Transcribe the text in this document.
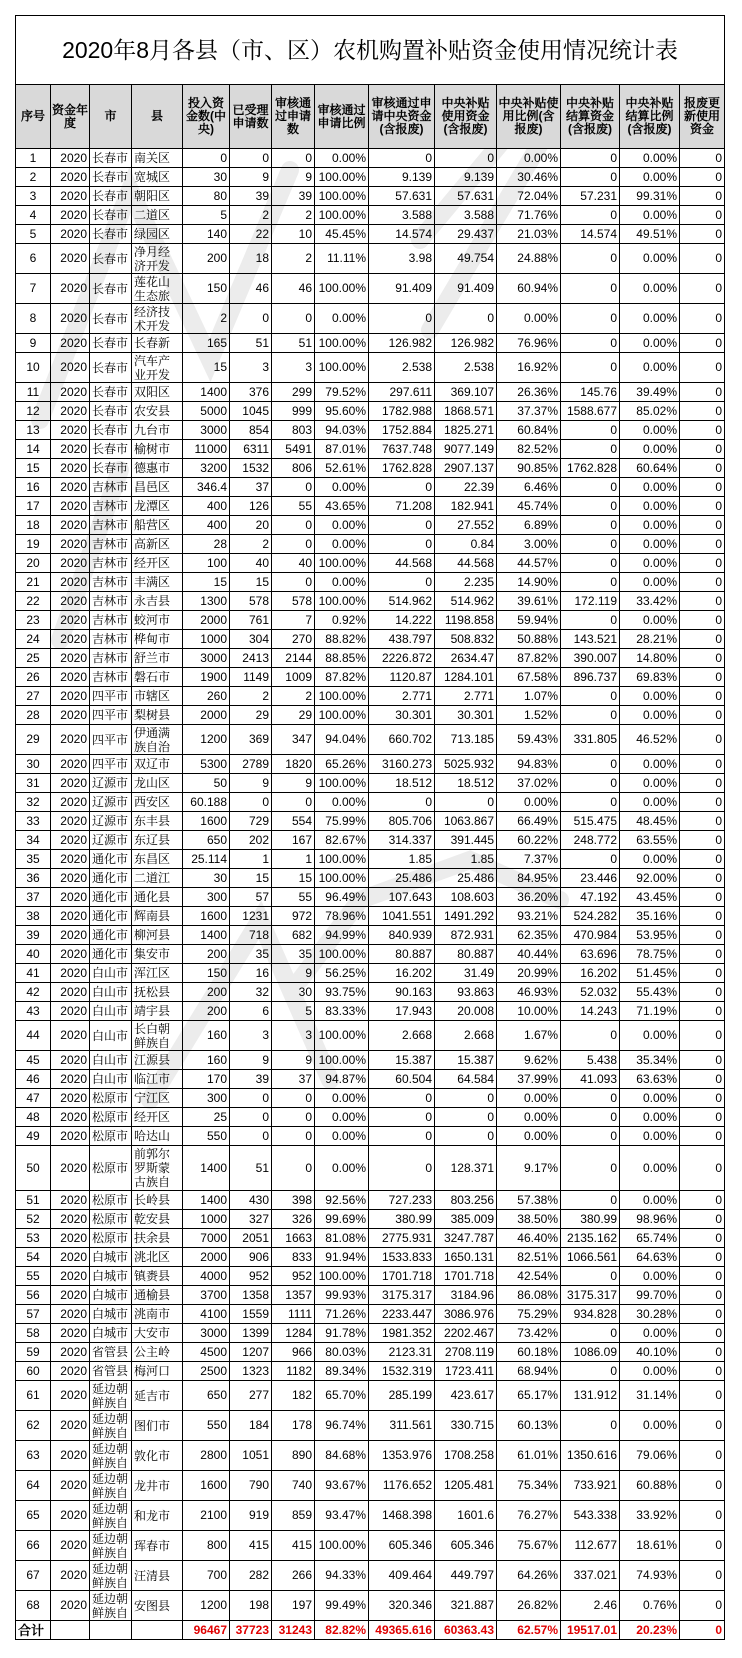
2020年8月各县（市、区）农机购置补贴资金使用情况统计表													
序号	资金年度	市	县	投入资金数(中央)	已受理申请数	审核通过申请数	审核通过申请比例	审核通过申请中央资金(含报废)	中央补贴使用资金(含报废)	中央补贴使用比例(含报废)	中央补贴结算资金(含报废)	中央补贴结算比例(含报废)	报废更新使用资金
1	2020	长春市	南关区	0	0	0	0.00%	0	0	0.00%	0	0.00%	0
2	2020	长春市	宽城区	30	9	9	100.00%	9.139	9.139	30.46%	0	0.00%	0
3	2020	长春市	朝阳区	80	39	39	100.00%	57.631	57.631	72.04%	57.231	99.31%	0
4	2020	长春市	二道区	5	2	2	100.00%	3.588	3.588	71.76%	0	0.00%	0
5	2020	长春市	绿园区	140	22	10	45.45%	14.574	29.437	21.03%	14.574	49.51%	0
6	2020	长春市	净月经济开发	200	18	2	11.11%	3.98	49.754	24.88%	0	0.00%	0
7	2020	长春市	莲花山生态旅	150	46	46	100.00%	91.409	91.409	60.94%	0	0.00%	0
8	2020	长春市	经济技术开发	2	0	0	0.00%	0	0	0.00%	0	0.00%	0
9	2020	长春市	长春新	165	51	51	100.00%	126.982	126.982	76.96%	0	0.00%	0
10	2020	长春市	汽车产业开发	15	3	3	100.00%	2.538	2.538	16.92%	0	0.00%	0
11	2020	长春市	双阳区	1400	376	299	79.52%	297.611	369.107	26.36%	145.76	39.49%	0
12	2020	长春市	农安县	5000	1045	999	95.60%	1782.988	1868.571	37.37%	1588.677	85.02%	0
13	2020	长春市	九台市	3000	854	803	94.03%	1752.884	1825.271	60.84%	0	0.00%	0
14	2020	长春市	榆树市	11000	6311	5491	87.01%	7637.748	9077.149	82.52%	0	0.00%	0
15	2020	长春市	德惠市	3200	1532	806	52.61%	1762.828	2907.137	90.85%	1762.828	60.64%	0
16	2020	吉林市	昌邑区	346.4	37	0	0.00%	0	22.39	6.46%	0	0.00%	0
17	2020	吉林市	龙潭区	400	126	55	43.65%	71.208	182.941	45.74%	0	0.00%	0
18	2020	吉林市	船营区	400	20	0	0.00%	0	27.552	6.89%	0	0.00%	0
19	2020	吉林市	高新区	28	2	0	0.00%	0	0.84	3.00%	0	0.00%	0
20	2020	吉林市	经开区	100	40	40	100.00%	44.568	44.568	44.57%	0	0.00%	0
21	2020	吉林市	丰满区	15	15	0	0.00%	0	2.235	14.90%	0	0.00%	0
22	2020	吉林市	永吉县	1300	578	578	100.00%	514.962	514.962	39.61%	172.119	33.42%	0
23	2020	吉林市	蛟河市	2000	761	7	0.92%	14.222	1198.858	59.94%	0	0.00%	0
24	2020	吉林市	桦甸市	1000	304	270	88.82%	438.797	508.832	50.88%	143.521	28.21%	0
25	2020	吉林市	舒兰市	3000	2413	2144	88.85%	2226.872	2634.47	87.82%	390.007	14.80%	0
26	2020	吉林市	磐石市	1900	1149	1009	87.82%	1120.87	1284.101	67.58%	896.737	69.83%	0
27	2020	四平市	市辖区	260	2	2	100.00%	2.771	2.771	1.07%	0	0.00%	0
28	2020	四平市	梨树县	2000	29	29	100.00%	30.301	30.301	1.52%	0	0.00%	0
29	2020	四平市	伊通满族自治	1200	369	347	94.04%	660.702	713.185	59.43%	331.805	46.52%	0
30	2020	四平市	双辽市	5300	2789	1820	65.26%	3160.273	5025.932	94.83%	0	0.00%	0
31	2020	辽源市	龙山区	50	9	9	100.00%	18.512	18.512	37.02%	0	0.00%	0
32	2020	辽源市	西安区	60.188	0	0	0.00%	0	0	0.00%	0	0.00%	0
33	2020	辽源市	东丰县	1600	729	554	75.99%	805.706	1063.867	66.49%	515.475	48.45%	0
34	2020	辽源市	东辽县	650	202	167	82.67%	314.337	391.445	60.22%	248.772	63.55%	0
35	2020	通化市	东昌区	25.114	1	1	100.00%	1.85	1.85	7.37%	0	0.00%	0
36	2020	通化市	二道江	30	15	15	100.00%	25.486	25.486	84.95%	23.446	92.00%	0
37	2020	通化市	通化县	300	57	55	96.49%	107.643	108.603	36.20%	47.192	43.45%	0
38	2020	通化市	辉南县	1600	1231	972	78.96%	1041.551	1491.292	93.21%	524.282	35.16%	0
39	2020	通化市	柳河县	1400	718	682	94.99%	840.939	872.931	62.35%	470.984	53.95%	0
40	2020	通化市	集安市	200	35	35	100.00%	80.887	80.887	40.44%	63.696	78.75%	0
41	2020	白山市	浑江区	150	16	9	56.25%	16.202	31.49	20.99%	16.202	51.45%	0
42	2020	白山市	抚松县	200	32	30	93.75%	90.163	93.863	46.93%	52.032	55.43%	0
43	2020	白山市	靖宇县	200	6	5	83.33%	17.943	20.008	10.00%	14.243	71.19%	0
44	2020	白山市	长白朝鲜族自	160	3	3	100.00%	2.668	2.668	1.67%	0	0.00%	0
45	2020	白山市	江源县	160	9	9	100.00%	15.387	15.387	9.62%	5.438	35.34%	0
46	2020	白山市	临江市	170	39	37	94.87%	60.504	64.584	37.99%	41.093	63.63%	0
47	2020	松原市	宁江区	300	0	0	0.00%	0	0	0.00%	0	0.00%	0
48	2020	松原市	经开区	25	0	0	0.00%	0	0	0.00%	0	0.00%	0
49	2020	松原市	哈达山	550	0	0	0.00%	0	0	0.00%	0	0.00%	0
50	2020	松原市	前郭尔罗斯蒙古族自	1400	51	0	0.00%	0	128.371	9.17%	0	0.00%	0
51	2020	松原市	长岭县	1400	430	398	92.56%	727.233	803.256	57.38%	0	0.00%	0
52	2020	松原市	乾安县	1000	327	326	99.69%	380.99	385.009	38.50%	380.99	98.96%	0
53	2020	松原市	扶余县	7000	2051	1663	81.08%	2775.931	3247.787	46.40%	2135.162	65.74%	0
54	2020	白城市	洮北区	2000	906	833	91.94%	1533.833	1650.131	82.51%	1066.561	64.63%	0
55	2020	白城市	镇赉县	4000	952	952	100.00%	1701.718	1701.718	42.54%	0	0.00%	0
56	2020	白城市	通榆县	3700	1358	1357	99.93%	3175.317	3184.96	86.08%	3175.317	99.70%	0
57	2020	白城市	洮南市	4100	1559	1111	71.26%	2233.447	3086.976	75.29%	934.828	30.28%	0
58	2020	白城市	大安市	3000	1399	1284	91.78%	1981.352	2202.467	73.42%	0	0.00%	0
59	2020	省管县	公主岭	4500	1207	966	80.03%	2123.31	2708.119	60.18%	1086.09	40.10%	0
60	2020	省管县	梅河口	2500	1323	1182	89.34%	1532.319	1723.411	68.94%	0	0.00%	0
61	2020	延边朝鲜族自	延吉市	650	277	182	65.70%	285.199	423.617	65.17%	131.912	31.14%	0
62	2020	延边朝鲜族自	图们市	550	184	178	96.74%	311.561	330.715	60.13%	0	0.00%	0
63	2020	延边朝鲜族自	敦化市	2800	1051	890	84.68%	1353.976	1708.258	61.01%	1350.616	79.06%	0
64	2020	延边朝鲜族自	龙井市	1600	790	740	93.67%	1176.652	1205.481	75.34%	733.921	60.88%	0
65	2020	延边朝鲜族自	和龙市	2100	919	859	93.47%	1468.398	1601.6	76.27%	543.338	33.92%	0
66	2020	延边朝鲜族自	珲春市	800	415	415	100.00%	605.346	605.346	75.67%	112.677	18.61%	0
67	2020	延边朝鲜族自	汪清县	700	282	266	94.33%	409.464	449.797	64.26%	337.021	74.93%	0
68	2020	延边朝鲜族自	安图县	1200	198	197	99.49%	320.346	321.887	26.82%	2.46	0.76%	0
合计				96467	37723	31243	82.82%	49365.616	60363.43	62.57%	19517.01	20.23%	0
